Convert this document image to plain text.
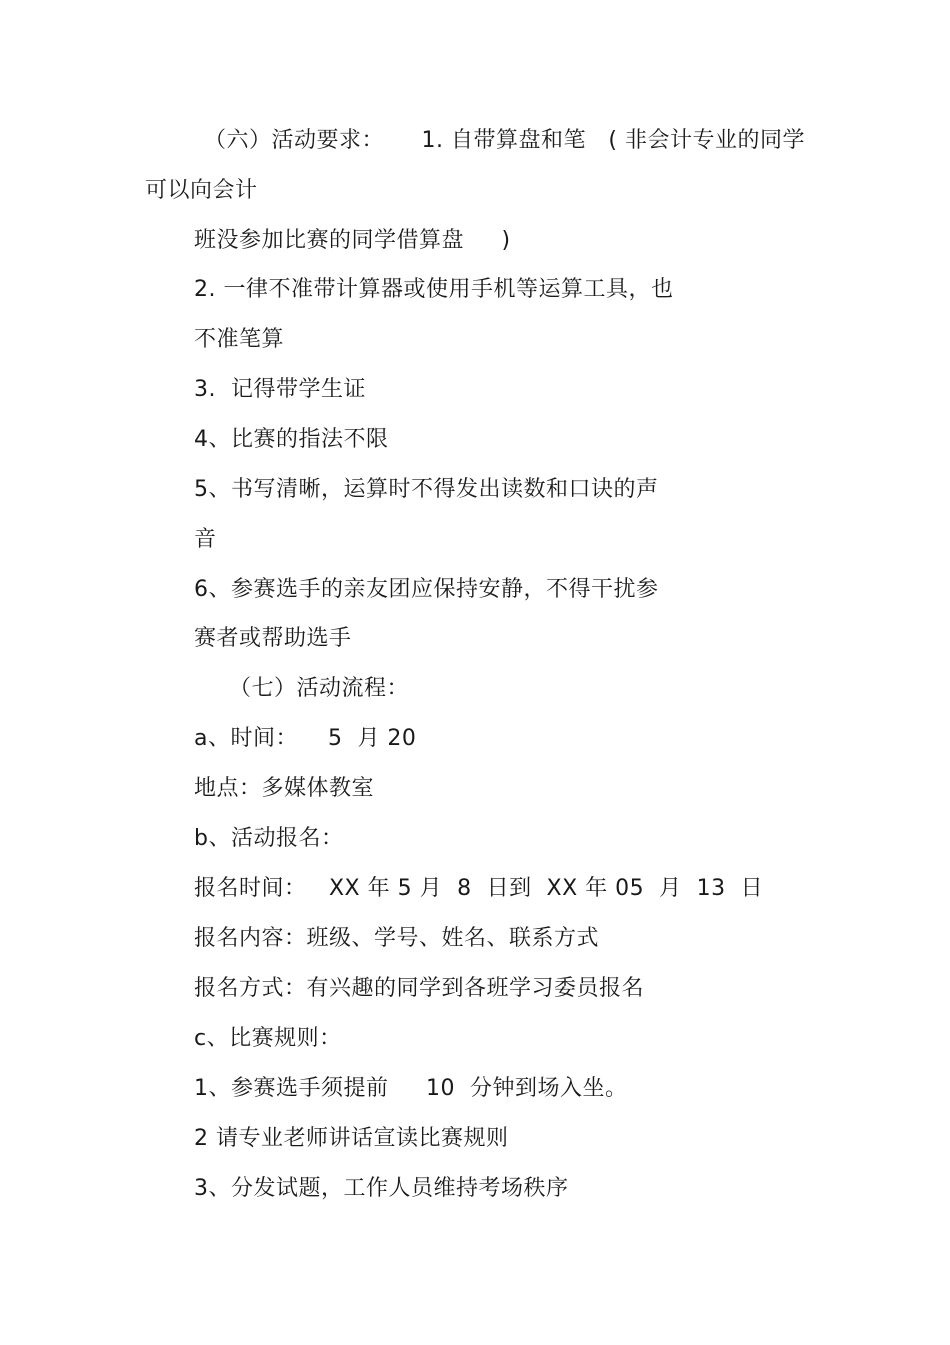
（六）活动要求：     1. 自带算盘和笔   ( 非会计专业的同学
可以向会计
班没参加比赛的同学借算盘     )
2. 一律不准带计算器或使用手机等运算工具，也
不准笔算
3.  记得带学生证
4、比赛的指法不限
5、书写清晰，运算时不得发出读数和口诀的声
音
6、参赛选手的亲友团应保持安静，不得干扰参
赛者或帮助选手
（七）活动流程：
a、时间：    5  月 20
地点：多媒体教室
b、活动报名：
报名时间：   XX 年 5 月  8  日到  XX 年 05  月  13  日
报名内容：班级、学号、姓名、联系方式
报名方式：有兴趣的同学到各班学习委员报名
c、比赛规则：
1、参赛选手须提前     10  分钟到场入坐。
2 请专业老师讲话宣读比赛规则
3、分发试题，工作人员维持考场秩序
